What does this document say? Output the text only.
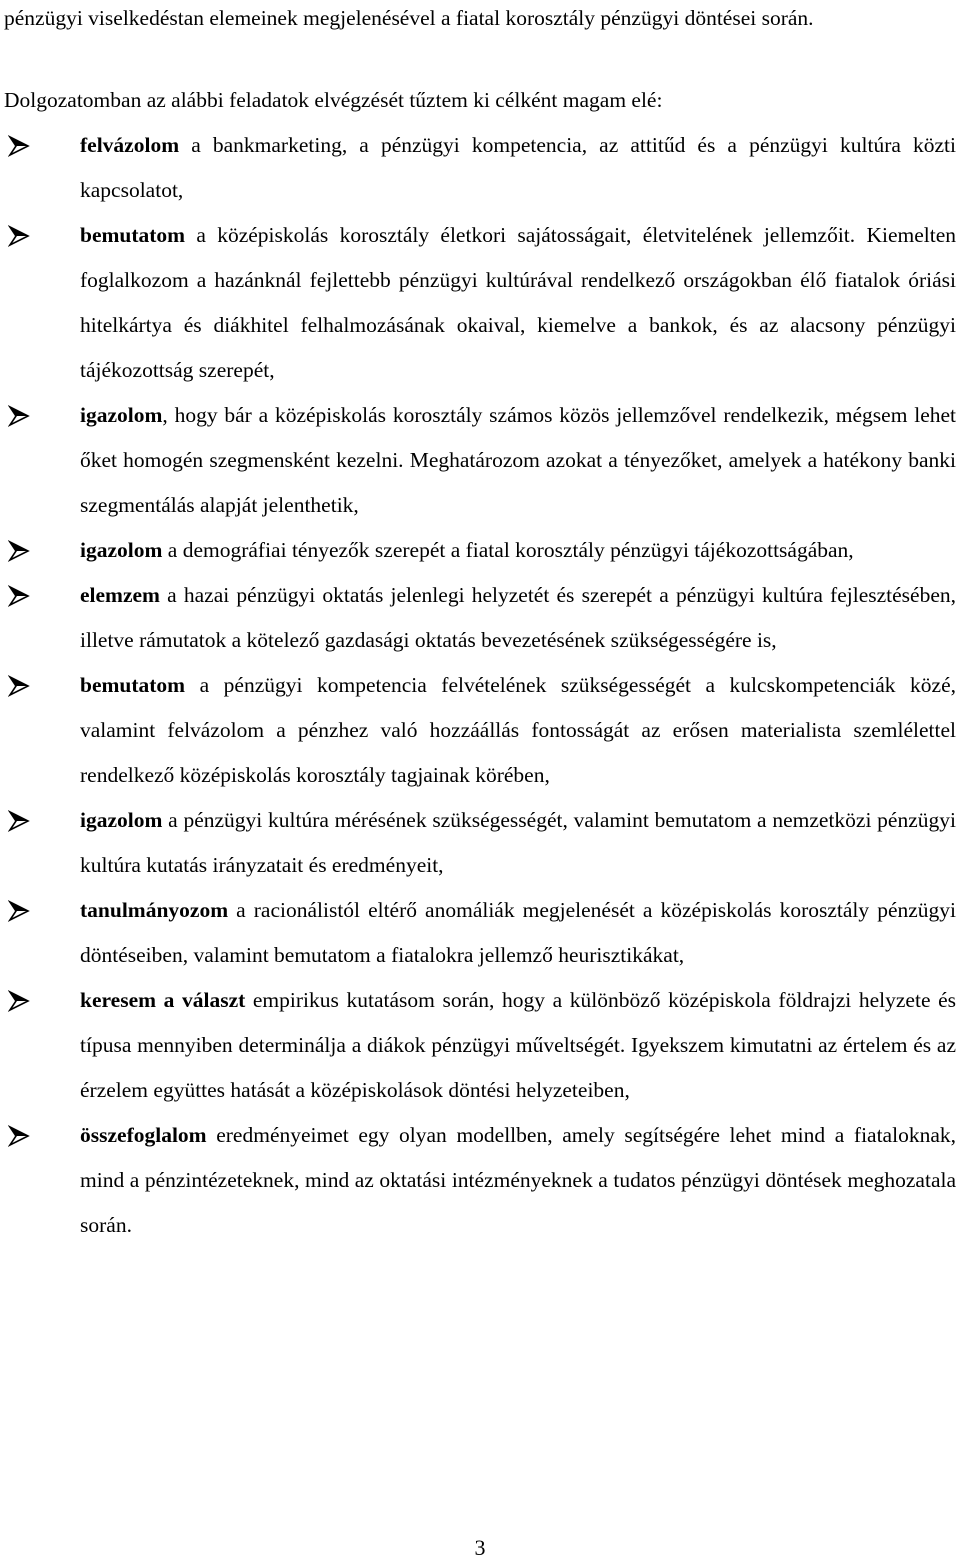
pénzügyi viselkedéstan elemeinek megjelenésével a fiatal korosztály pénzügyi döntései során.

Dolgozatomban az alábbi feladatok elvégzését tűztem ki célként magam elé:

felvázolom a bankmarketing, a pénzügyi kompetencia, az attitűd és a pénzügyi kultúra közti kapcsolatot,
bemutatom a középiskolás korosztály életkori sajátosságait, életvitelének jellemzőit. Kiemelten foglalkozom a hazánknál fejlettebb pénzügyi kultúrával rendelkező országokban élő fiatalok óriási hitelkártya és diákhitel felhalmozásának okaival, kiemelve a bankok, és az alacsony pénzügyi tájékozottság szerepét,
igazolom, hogy bár a középiskolás korosztály számos közös jellemzővel rendelkezik, mégsem lehet őket homogén szegmensként kezelni. Meghatározom azokat a tényezőket, amelyek a hatékony banki szegmentálás alapját jelenthetik,
igazolom a demográfiai tényezők szerepét a fiatal korosztály pénzügyi tájékozottságában,
elemzem a hazai pénzügyi oktatás jelenlegi helyzetét és szerepét a pénzügyi kultúra fejlesztésében, illetve rámutatok a kötelező gazdasági oktatás bevezetésének szükségességére is,
bemutatom a pénzügyi kompetencia felvételének szükségességét a kulcskompetenciák közé, valamint felvázolom a pénzhez való hozzáállás fontosságát az erősen materialista szemlélettel rendelkező középiskolás korosztály tagjainak körében,
igazolom a pénzügyi kultúra mérésének szükségességét, valamint bemutatom a nemzetközi pénzügyi kultúra kutatás irányzatait és eredményeit,
tanulmányozom a racionálistól eltérő anomáliák megjelenését a középiskolás korosztály pénzügyi döntéseiben, valamint bemutatom a fiatalokra jellemző heurisztikákat,
keresem a választ empirikus kutatásom során, hogy a különböző középiskola földrajzi helyzete és típusa mennyiben determinálja a diákok pénzügyi műveltségét. Igyekszem kimutatni az értelem és az érzelem együttes hatását a középiskolások döntési helyzeteiben,
összefoglalom eredményeimet egy olyan modellben, amely segítségére lehet mind a fiataloknak, mind a pénzintézeteknek, mind az oktatási intézményeknek a tudatos pénzügyi döntések meghozatala során.
3
